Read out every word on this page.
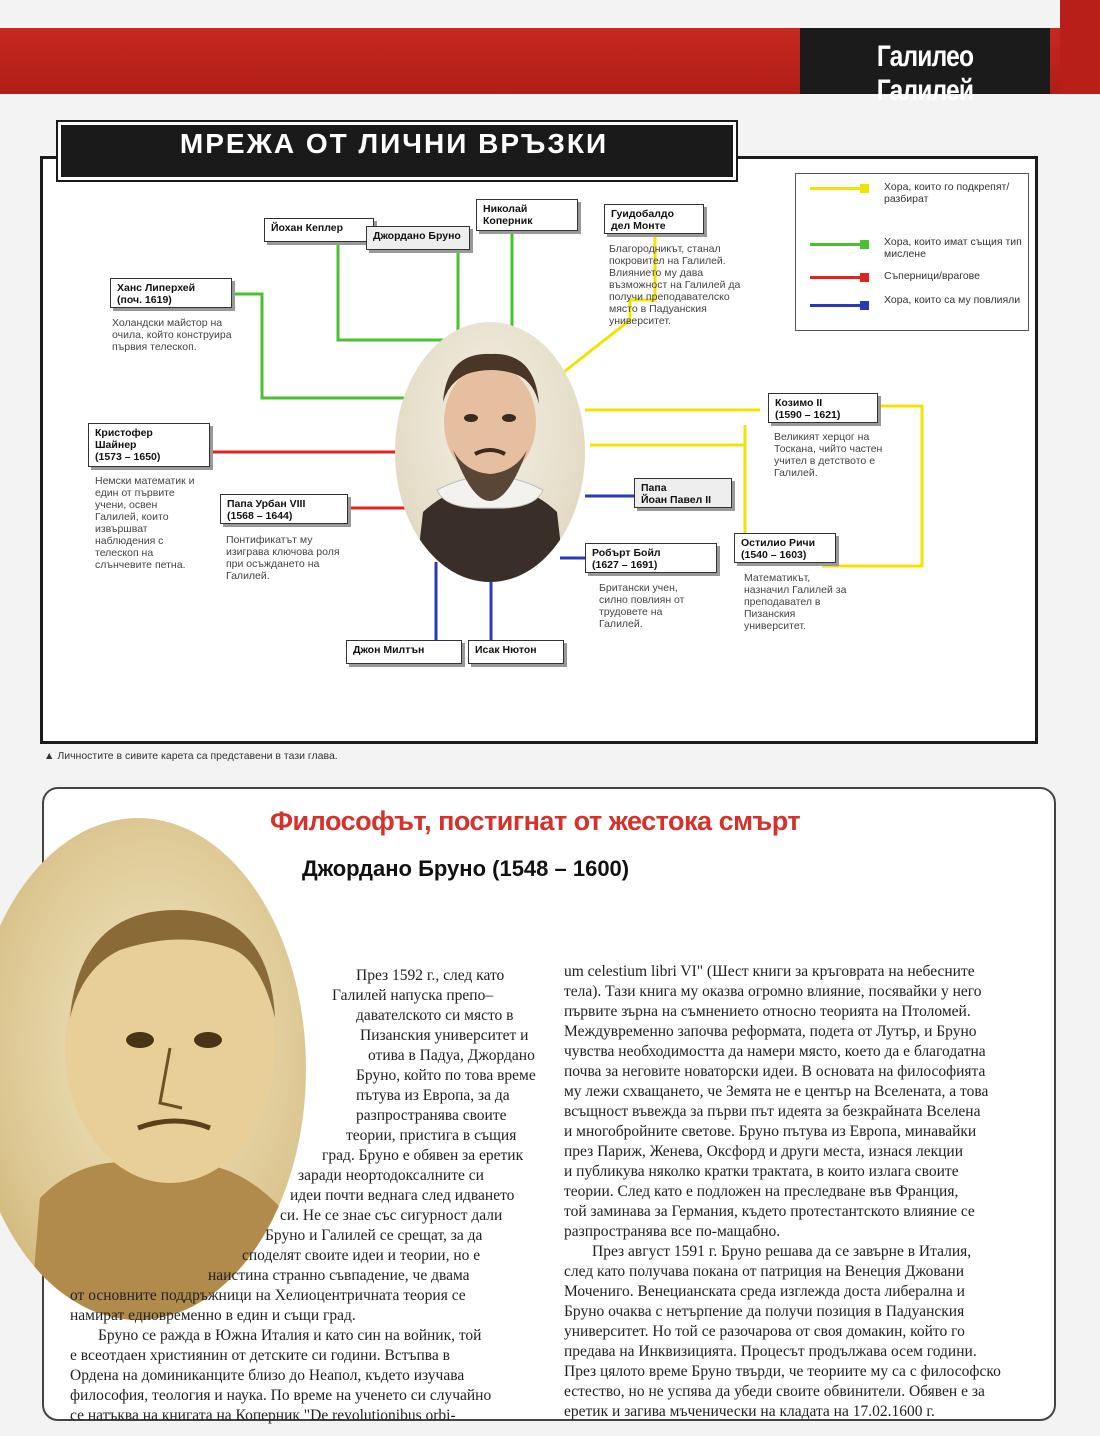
Галилео Галилей
МРЕЖА ОТ ЛИЧНИ ВРЪЗКИ
Хора, които го подкрепят/разбират
Хора, които имат същия тип мислене
Съперници/врагове
Хора, които са му повлияли
Йохан Кеплер
Джордано Бруно
Николай
Коперник
Гуидобалдо
дел Монте
Благородникът, станал покровител на Галилей. Влиянието му дава възможност на Галилей да получи преподавателско място в Падуанския университет.
Ханс Липерхей
(поч. 1619)
Холандски майстор на очила, който конструира първия телескоп.
Козимо II
(1590 – 1621)
Великият херцог на Тоскана, чийто частен учител в детството е Галилей.
Кристофер
Шайнер
(1573 – 1650)
Немски математик и един от първите учени, освен Галилей, които извършват наблюдения с телескоп на слънчевите петна.
Папа Урбан VIII
(1568 – 1644)
Понтификатът му изиграва ключова роля при осъждането на Галилей.
Папа
Йоан Павел II
Робърт Бойл
(1627 – 1691)
Британски учен, силно повлиян от трудовете на Галилей.
Остилио Ричи
(1540 – 1603)
Математикът, назначил Галилей за преподавател в Пизанския университет.
Джон Милтън	Исак Нютон
▲ Личностите в сивите карета са представени в тази глава.
Философът, постигнат от жестока смърт
Джордано Бруно (1548 – 1600)
През 1592 г., след като
Галилей напуска препо–
давателското си място в
Пизанския университет и
отива в Падуа, Джордано
Бруно, който по това време
пътува из Европа, за да
разпространява своите
теории, пристига в същия
град. Бруно е обявен за еретик
заради неортодоксалните си
идеи почти веднага след идването
си. Не се знае със сигурност дали
Бруно и Галилей се срещат, за да
споделят своите идеи и теории, но е
наистина странно съвпадение, че двама
от основните поддръжници на Хелиоцентричната теория се
намират едновременно в един и същи град.
Бруно се ражда в Южна Италия и като син на войник, той
е всеотдаен християнин от детските си години. Встъпва в
Ордена на доминиканците близо до Неапол, където изучава
философия, теология и наука. По време на ученето си случайно
се натъква на книгата на Коперник "De revolutionibus orbi-
um celestium libri VI" (Шест книги за кръговрата на небесните
тела). Тази книга му оказва огромно влияние, посявайки у него
първите зърна на съмнението относно теорията на Птоломей.
Междувременно започва реформата, подета от Лутър, и Бруно
чувства необходимостта да намери място, което да е благодатна
почва за неговите новаторски идеи. В основата на философията
му лежи схващането, че Земята не е център на Вселената, а това
всъщност въвежда за първи път идеята за безкрайната Вселена
и многобройните светове. Бруно пътува из Европа, минавайки
през Париж, Женева, Оксфорд и други места, изнася лекции
и публикува няколко кратки трактата, в които излага своите
теории. След като е подложен на преследване във Франция,
той заминава за Германия, където протестантското влияние се
разпространява все по-мащабно.
През август 1591 г. Бруно решава да се завърне в Италия,
след като получава покана от патриция на Венеция Джовани
Мочениго. Венецианската среда изглежда доста либерална и
Бруно очаква с нетърпение да получи позиция в Падуанския
университет. Но той се разочарова от своя домакин, който го
предава на Инквизицията. Процесът продължава осем години.
През цялото време Бруно твърди, че теориите му са с философско
естество, но не успява да убеди своите обвинители. Обявен е за
еретик и загива мъченически на кладата на 17.02.1600 г.
